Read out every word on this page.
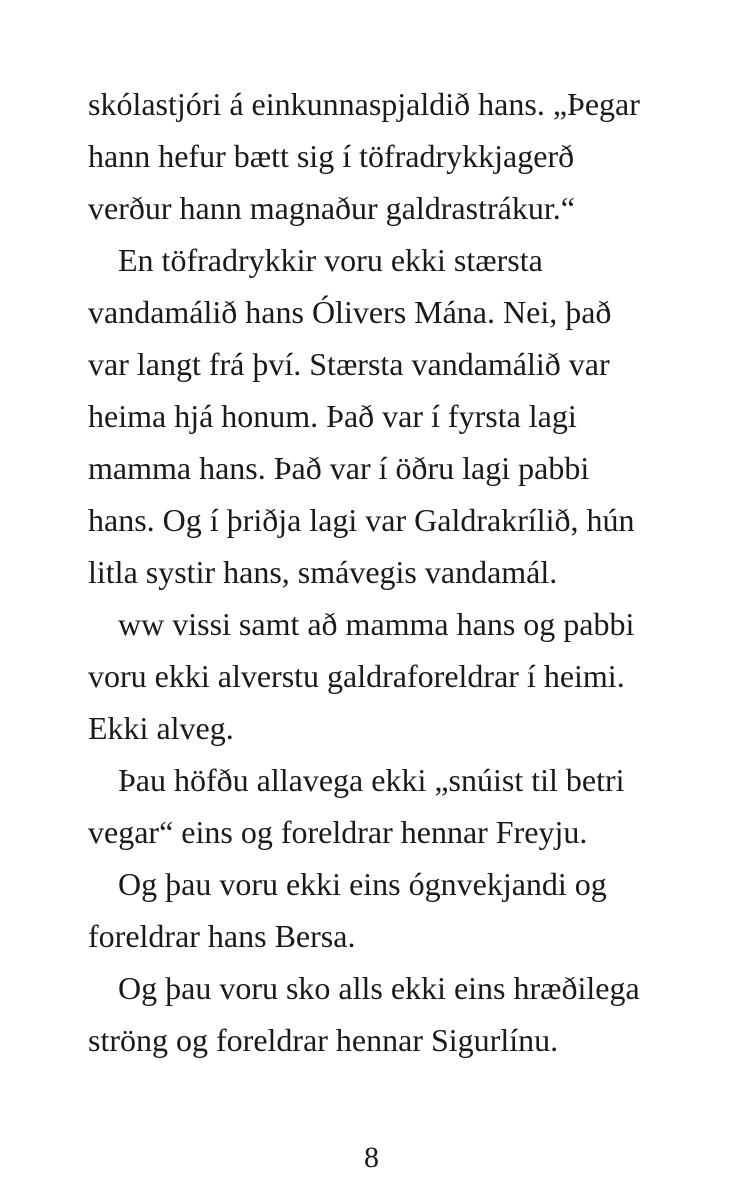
skólastjóri á einkunnaspjaldið hans. „Þegar
hann hefur bætt sig í töfradrykkjagerð
verður hann magnaður galdrastrákur.“
En töfradrykkir voru ekki stærsta
vandamálið hans Ólivers Mána. Nei, það
var langt frá því. Stærsta vandamálið var
heima hjá honum. Það var í fyrsta lagi
mamma hans. Það var í öðru lagi pabbi
hans. Og í þriðja lagi var Galdrakrílið, hún
litla systir hans, smávegis vandamál.
ww vissi samt að mamma hans og pabbi
voru ekki alverstu galdraforeldrar í heimi.
Ekki alveg.
Þau höfðu allavega ekki „snúist til betri
vegar“ eins og foreldrar hennar Freyju.
Og þau voru ekki eins ógnvekjandi og
foreldrar hans Bersa.
Og þau voru sko alls ekki eins hræðilega
ströng og foreldrar hennar Sigurlínu.
8
